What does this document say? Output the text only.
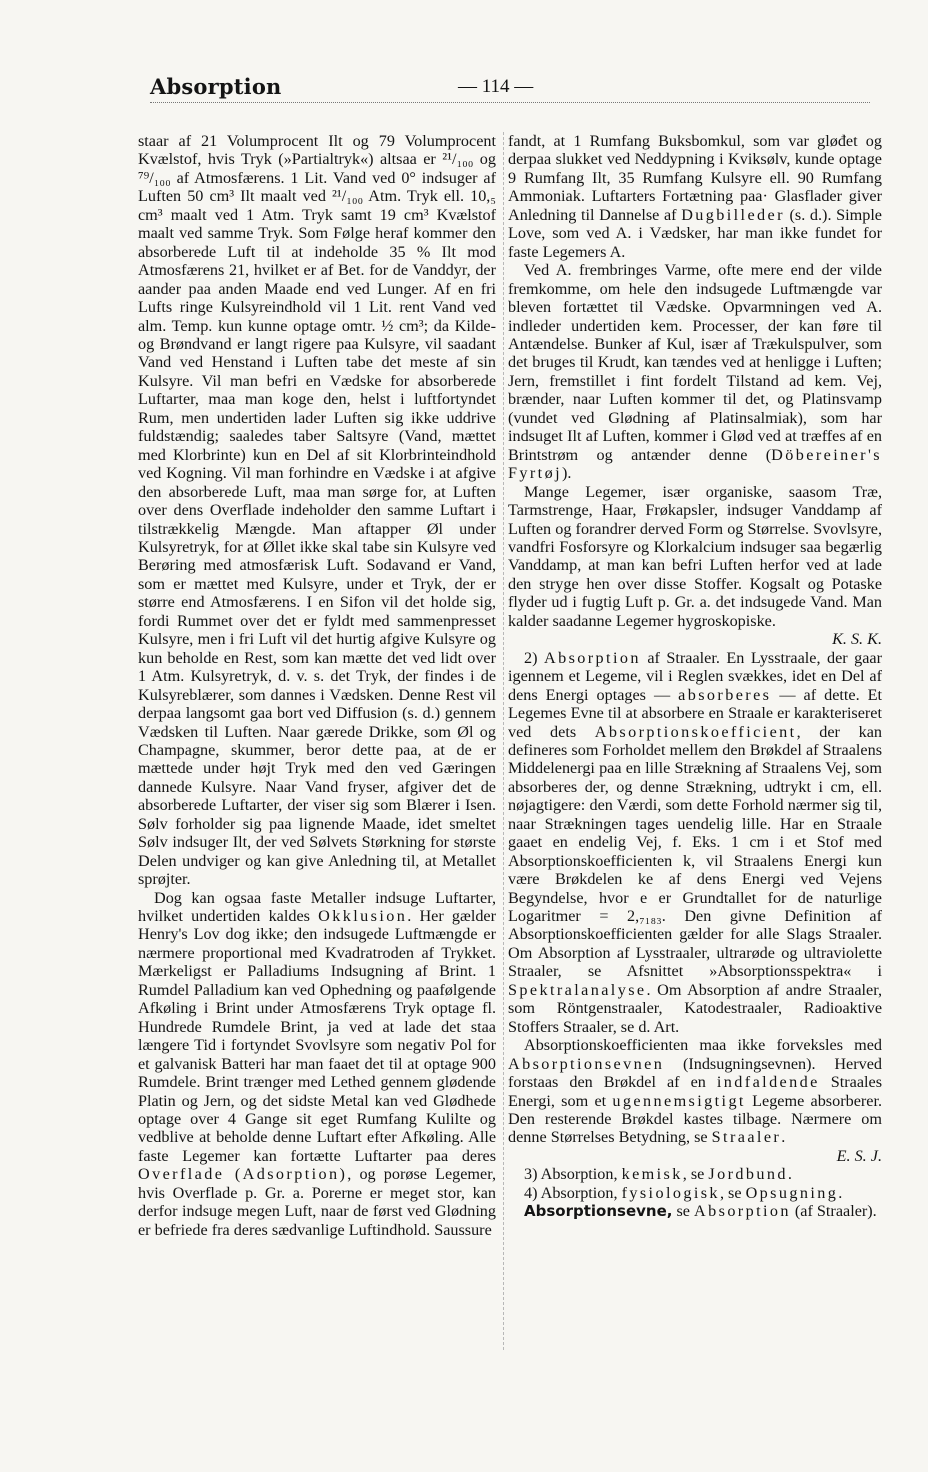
Absorption	— 114 —

staar af 21 Volumprocent Ilt og 79 Volumprocent Kvælstof, hvis Tryk (»Partialtryk«) altsaa er ²¹/₁₀₀ og ⁷⁹/₁₀₀ af Atmosfærens. 1 Lit. Vand ved 0° indsuger af Luften 50 cm³ Ilt maalt ved ²¹/₁₀₀ Atm. Tryk ell. 10,₅ cm³ maalt ved 1 Atm. Tryk samt 19 cm³ Kvælstof maalt ved samme Tryk. Som Følge heraf kommer den absorberede Luft til at indeholde 35 % Ilt mod Atmosfærens 21, hvilket er af Bet. for de Vanddyr, der aander paa anden Maade end ved Lunger. Af en fri Lufts ringe Kulsyreindhold vil 1 Lit. rent Vand ved alm. Temp. kun kunne optage omtr. ½ cm³; da Kilde- og Brøndvand er langt rigere paa Kulsyre, vil saadant Vand ved Henstand i Luften tabe det meste af sin Kulsyre. Vil man befri en Vædske for absorberede Luftarter, maa man koge den, helst i luftfortyndet Rum, men undertiden lader Luften sig ikke uddrive fuldstændig; saaledes taber Saltsyre (Vand, mættet med Klorbrinte) kun en Del af sit Klorbrinteindhold ved Kogning. Vil man forhindre en Vædske i at afgive den absorberede Luft, maa man sørge for, at Luften over dens Overflade indeholder den samme Luftart i tilstrækkelig Mængde. Man aftapper Øl under Kulsyretryk, for at Øllet ikke skal tabe sin Kulsyre ved Berøring med atmosfærisk Luft. Sodavand er Vand, som er mættet med Kulsyre, under et Tryk, der er større end Atmosfærens. I en Sifon vil det holde sig, fordi Rummet over det er fyldt med sammenpresset Kulsyre, men i fri Luft vil det hurtig afgive Kulsyre og kun beholde en Rest, som kan mætte det ved lidt over 1 Atm. Kulsyretryk, d. v. s. det Tryk, der findes i de Kulsyreblærer, som dannes i Vædsken. Denne Rest vil derpaa langsomt gaa bort ved Diffusion (s. d.) gennem Vædsken til Luften. Naar gærede Drikke, som Øl og Champagne, skummer, beror dette paa, at de er mættede under højt Tryk med den ved Gæringen dannede Kulsyre. Naar Vand fryser, afgiver det de absorberede Luftarter, der viser sig som Blærer i Isen. Sølv forholder sig paa lignende Maade, idet smeltet Sølv indsuger Ilt, der ved Sølvets Størkning for største Delen undviger og kan give Anledning til, at Metallet sprøjter.

Dog kan ogsaa faste Metaller indsuge Luftarter, hvilket undertiden kaldes Okklusion. Her gælder Henry's Lov dog ikke; den indsugede Luftmængde er nærmere proportional med Kvadratroden af Trykket. Mærkeligst er Palladiums Indsugning af Brint. 1 Rumdel Palladium kan ved Ophedning og paafølgende Afkøling i Brint under Atmosfærens Tryk optage fl. Hundrede Rumdele Brint, ja ved at lade det staa længere Tid i fortyndet Svovlsyre som negativ Pol for et galvanisk Batteri har man faaet det til at optage 900 Rumdele. Brint trænger med Lethed gennem glødende Platin og Jern, og det sidste Metal kan ved Glødhede optage over 4 Gange sit eget Rumfang Kulilte og vedblive at beholde denne Luftart efter Afkøling. Alle faste Legemer kan fortætte Luftarter paa deres Overflade (Adsorption), og porøse Legemer, hvis Overflade p. Gr. a. Porerne er meget stor, kan derfor indsuge megen Luft, naar de først ved Glødning er befriede fra deres sædvanlige Luftindhold. Saussure

fandt, at 1 Rumfang Buksbomkul, som var gløđet og derpaa slukket ved Neddypning i Kviksølv, kunde optage 9 Rumfang Ilt, 35 Rumfang Kulsyre ell. 90 Rumfang Ammoniak. Luftarters Fortætning paa· Glasflader giver Anledning til Dannelse af Dugbilleder (s. d.). Simple Love, som ved A. i Vædsker, har man ikke fundet for faste Legemers A.

Ved A. frembringes Varme, ofte mere end der vilde fremkomme, om hele den indsugede Luftmængde var bleven fortættet til Vædske. Opvarmningen ved A. indleder undertiden kem. Processer, der kan føre til Antændelse. Bunker af Kul, især af Trækulspulver, som det bruges til Krudt, kan tændes ved at henligge i Luften; Jern, fremstillet i fint fordelt Tilstand ad kem. Vej, brænder, naar Luften kommer til det, og Platinsvamp (vundet ved Glødning af Platinsalmiak), som har indsuget Ilt af Luften, kommer i Glød ved at træffes af en Brintstrøm og antænder denne (Döbereiner's Fyrtøj).

Mange Legemer, især organiske, saasom Træ, Tarmstrenge, Haar, Frøkapsler, indsuger Vanddamp af Luften og forandrer derved Form og Størrelse. Svovlsyre, vandfri Fosforsyre og Klorkalcium indsuger saa begærlig Vanddamp, at man kan befri Luften herfor ved at lade den stryge hen over disse Stoffer. Kogsalt og Potaske flyder ud i fugtig Luft p. Gr. a. det indsugede Vand. Man kalder saadanne Legemer hygroskopiske.

K. S. K.

2) Absorption af Straaler. En Lysstraale, der gaar igennem et Legeme, vil i Reglen svækkes, idet en Del af dens Energi optages — absorberes — af dette. Et Legemes Evne til at absorbere en Straale er karakteriseret ved dets Absorptionskoefficient, der kan defineres som Forholdet mellem den Brøkdel af Straalens Middelenergi paa en lille Strækning af Straalens Vej, som absorberes der, og denne Strækning, udtrykt i cm, ell. nøjagtigere: den Værdi, som dette Forhold nærmer sig til, naar Strækningen tages uendelig lille. Har en Straale gaaet en endelig Vej, f. Eks. 1 cm i et Stof med Absorptionskoefficienten k, vil Straalens Energi kun være Brøkdelen ke af dens Energi ved Vejens Begyndelse, hvor e er Grundtallet for de naturlige Logaritmer = 2,₇₁₈₃. Den givne Definition af Absorptionskoefficienten gælder for alle Slags Straaler. Om Absorption af Lysstraaler, ultrarøde og ultraviolette Straaler, se Afsnittet »Absorptionsspektra« i Spektralanalyse. Om Absorption af andre Straaler, som Röntgenstraaler, Katodestraaler, Radioaktive Stoffers Straaler, se d. Art.

Absorptionskoefficienten maa ikke forveksles med Absorptionsevnen (Indsugningsevnen). Herved forstaas den Brøkdel af en indfaldende Straales Energi, som et ugennemsigtigt Legeme absorberer. Den resterende Brøkdel kastes tilbage. Nærmere om denne Størrelses Betydning, se Straaler.

E. S. J.

3) Absorption, kemisk, se Jordbund.

4) Absorption, fysiologisk, se Opsugning.

Absorptionsevne, se Absorption (af Straaler).
